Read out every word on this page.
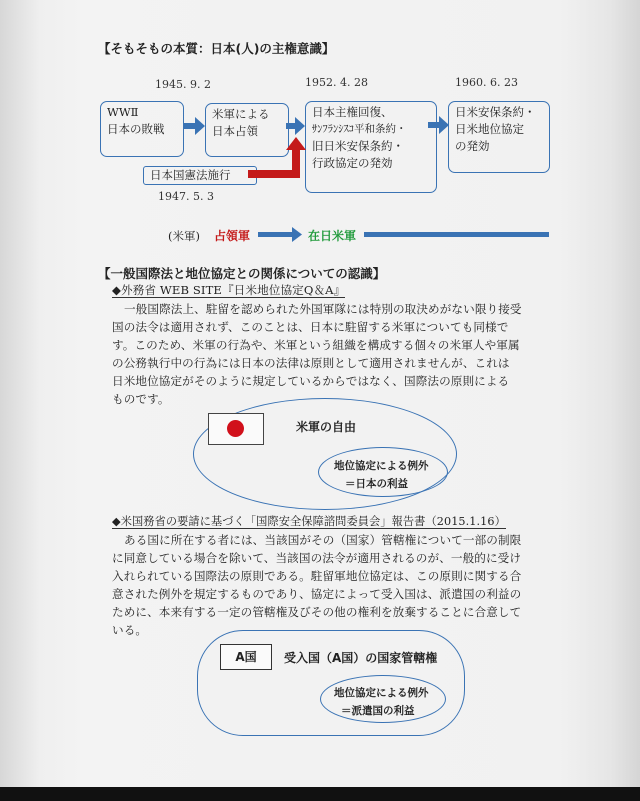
【そもそもの本質：日本(人)の主権意識】
1945. 9. 2	1952. 4. 28	1960. 6. 23
WWⅡ
日本の敗戦
米軍による
日本占領
日本主権回復、
ｻﾝﾌﾗﾝｼｽｺ平和条約・
旧日米安保条約・
行政協定の発効
日米安保条約・
日米地位協定
の発効
日本国憲法施行
1947. 5. 3
(米軍) 占領軍	在日米軍
【一般国際法と地位協定との関係についての認識】
◆外務省 WEB SITE『日米地位協定Q＆A』
一般国際法上、駐留を認められた外国軍隊には特別の取決めがない限り接受
国の法令は適用されず、このことは、日本に駐留する米軍についても同様で
す。このため、米軍の行為や、米軍という組織を構成する個々の米軍人や軍属
の公務執行中の行為には日本の法律は原則として適用されませんが、これは
日米地位協定がそのように規定しているからではなく、国際法の原則による
ものです。
米軍の自由
地位協定による例外
＝日本の利益
◆米国務省の要請に基づく「国際安全保障諮問委員会」報告書（2015.1.16）
ある国に所在する者には、当該国がその（国家）管轄権について一部の制限
に同意している場合を除いて、当該国の法令が適用されるのが、一般的に受け
入れられている国際法の原則である。駐留軍地位協定は、この原則に関する合
意された例外を規定するものであり、協定によって受入国は、派遣国の利益の
ために、本来有する一定の管轄権及びその他の権利を放棄することに合意して
いる。
A国	受入国（A国）の国家管轄権
地位協定による例外
＝派遣国の利益
